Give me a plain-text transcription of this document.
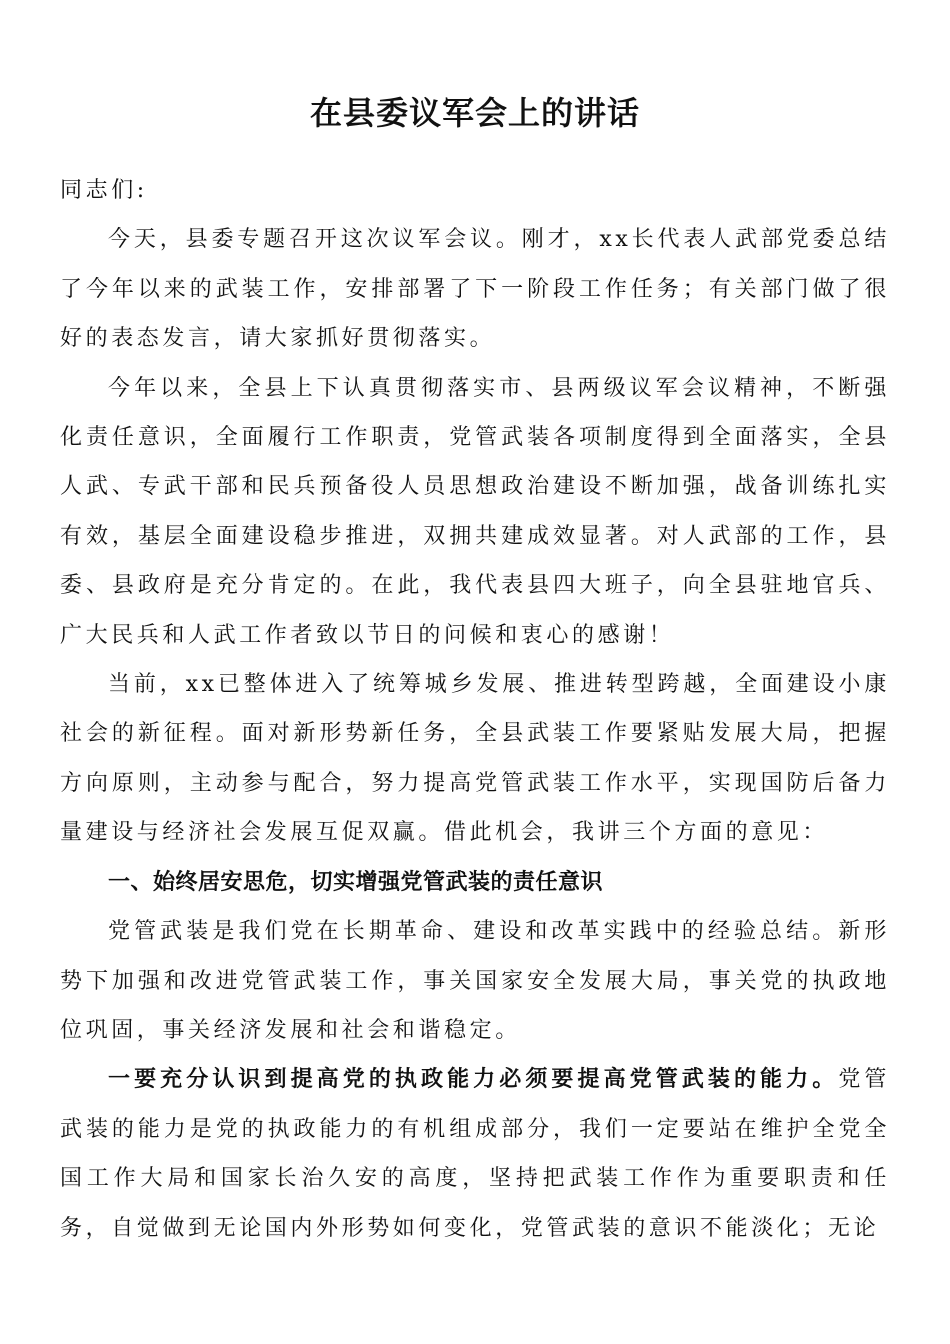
在县委议军会上的讲话

同志们:

今天，县委专题召开这次议军会议。刚才，xx长代表人武部党委总结了今年以来的武装工作，安排部署了下一阶段工作任务；有关部门做了很好的表态发言，请大家抓好贯彻落实。

今年以来，全县上下认真贯彻落实市、县两级议军会议精神，不断强化责任意识，全面履行工作职责，党管武装各项制度得到全面落实，全县人武、专武干部和民兵预备役人员思想政治建设不断加强，战备训练扎实有效，基层全面建设稳步推进，双拥共建成效显著。对人武部的工作，县委、县政府是充分肯定的。在此，我代表县四大班子，向全县驻地官兵、广大民兵和人武工作者致以节日的问候和衷心的感谢！

当前，xx已整体进入了统筹城乡发展、推进转型跨越，全面建设小康社会的新征程。面对新形势新任务，全县武装工作要紧贴发展大局，把握方向原则，主动参与配合，努力提高党管武装工作水平，实现国防后备力量建设与经济社会发展互促双赢。借此机会，我讲三个方面的意见：

一、始终居安思危，切实增强党管武装的责任意识

党管武装是我们党在长期革命、建设和改革实践中的经验总结。新形势下加强和改进党管武装工作，事关国家安全发展大局，事关党的执政地位巩固，事关经济发展和社会和谐稳定。

一要充分认识到提高党的执政能力必须要提高党管武装的能力。党管武装的能力是党的执政能力的有机组成部分，我们一定要站在维护全党全国工作大局和国家长治久安的高度，坚持把武装工作作为重要职责和任务，自觉做到无论国内外形势如何变化，党管武装的意识不能淡化；无论
